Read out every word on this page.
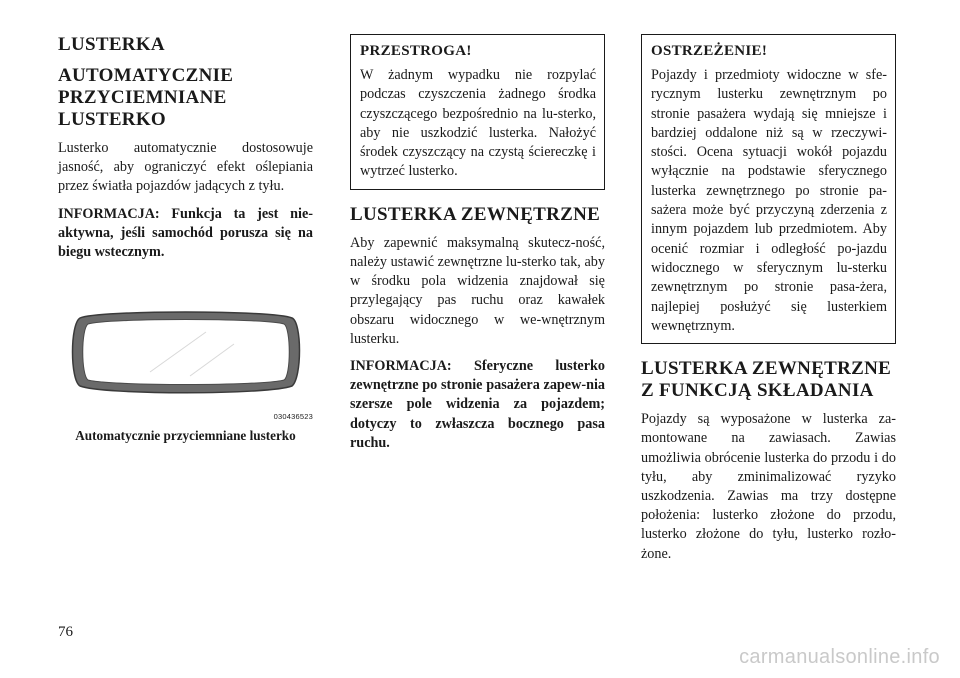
LUSTERKA
AUTOMATYCZNIE PRZYCIEMNIANE LUSTERKO

Lusterko automatycznie dostosowuje jasność, aby ograniczyć efekt oślepiania przez światła pojazdów jadących z tyłu.

INFORMACJA: Funkcja ta jest nie-aktywna, jeśli samochód porusza się na biegu wstecznym.

030436523
Automatycznie przyciemniane lusterko
PRZESTROGA!

W żadnym wypadku nie rozpylać podczas czyszczenia żadnego środka czyszczącego bezpośrednio na lu-sterko, aby nie uszkodzić lusterka. Nałożyć środek czyszczący na czystą ściereczkę i wytrzeć lusterko.

LUSTERKA ZEWNĘTRZNE

Aby zapewnić maksymalną skutecz-ność, należy ustawić zewnętrzne lu-sterko tak, aby w środku pola widzenia znajdował się przylegający pas ruchu oraz kawałek obszaru widocznego w we-wnętrznym lusterku.

INFORMACJA: Sferyczne lusterko zewnętrzne po stronie pasażera zapew-nia szersze pole widzenia za pojazdem; dotyczy to zwłaszcza bocznego pasa ruchu.

OSTRZEŻENIE!

Pojazdy i przedmioty widoczne w sfe-rycznym lusterku zewnętrznym po stronie pasażera wydają się mniejsze i bardziej oddalone niż są w rzeczywi-stości. Ocena sytuacji wokół pojazdu wyłącznie na podstawie sferycznego lusterka zewnętrznego po stronie pa-sażera może być przyczyną zderzenia z innym pojazdem lub przedmiotem. Aby ocenić rozmiar i odległość po-jazdu widocznego w sferycznym lu-sterku zewnętrznym po stronie pasa-żera, najlepiej posłużyć się lusterkiem wewnętrznym.

LUSTERKA ZEWNĘTRZNE Z FUNKCJĄ SKŁADANIA

Pojazdy są wyposażone w lusterka za-montowane na zawiasach. Zawias umożliwia obrócenie lusterka do przodu i do tyłu, aby zminimalizować ryzyko uszkodzenia. Zawias ma trzy dostępne położenia: lusterko złożone do przodu, lusterko złożone do tyłu, lusterko rozło-żone.

76
carmanualsonline.info
